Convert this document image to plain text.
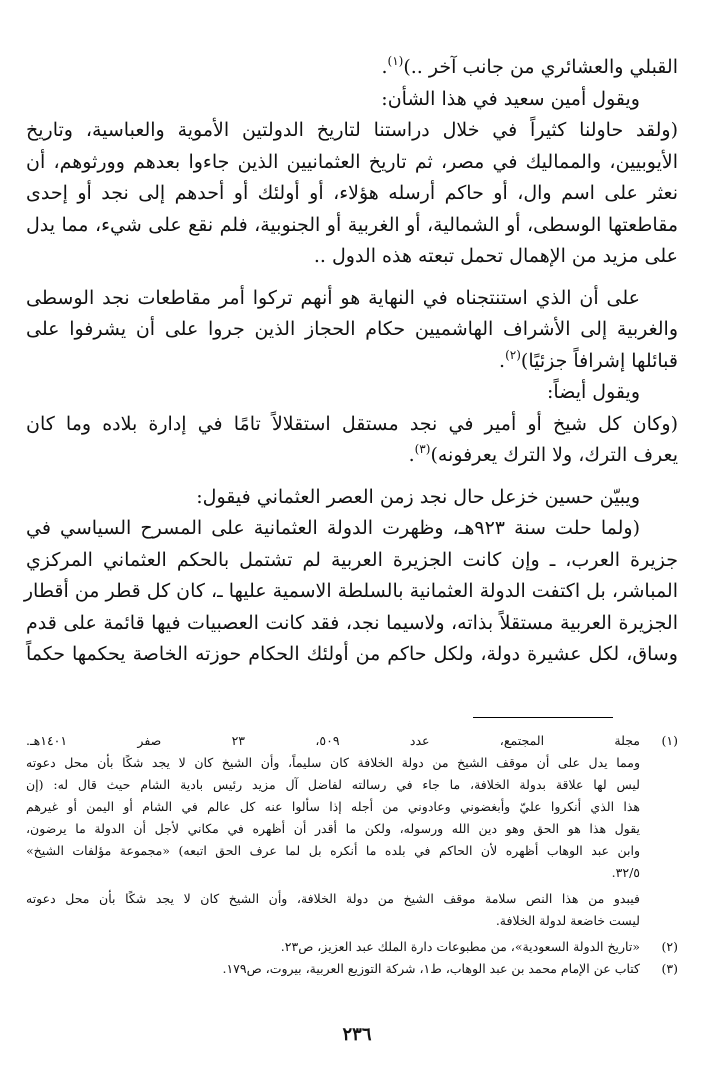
القبلي والعشائري من جانب آخر ..)$^{(١)}$.
ويقول أمين سعيد في هذا الشأن:
(ولقد حاولنا كثيراً في خلال دراستنا لتاريخ الدولتين الأموية والعباسية، وتاريخ
الأيوبيين، والمماليك في مصر، ثم تاريخ العثمانيين الذين جاءوا بعدهم وورثوهم، أن
نعثر على اسم وال، أو حاكم أرسله هؤلاء، أو أولئك أو أحدهم إلى نجد أو إحدى
مقاطعتها الوسطى، أو الشمالية، أو الغربية أو الجنوبية، فلم نقع على شيء، مما يدل
على مزيد من الإهمال تحمل تبعته هذه الدول ..
على أن الذي استنتجناه في النهاية هو أنهم تركوا أمر مقاطعات نجد الوسطى
والغربية إلى الأشراف الهاشميين حكام الحجاز الذين جروا على أن يشرفوا على
قبائلها إشرافاً جزئيًا)$^{(٢)}$.
ويقول أيضاً:
(وكان كل شيخ أو أمير في نجد مستقل استقلالاً تامًا في إدارة بلاده وما كان
يعرف الترك، ولا الترك يعرفونه)$^{(٣)}$.
ويبيّن حسين خزعل حال نجد زمن العصر العثماني فيقول:
(ولما حلت سنة ٩٢٣هـ، وظهرت الدولة العثمانية على المسرح السياسي في
جزيرة العرب، ـ وإن كانت الجزيرة العربية لم تشتمل بالحكم العثماني المركزي
المباشر، بل اكتفت الدولة العثمانية بالسلطة الاسمية عليها ـ، كان كل قطر من أقطار
الجزيرة العربية مستقلاً بذاته، ولاسيما نجد، فقد كانت العصبيات فيها قائمة على قدم
وساق، لكل عشيرة دولة، ولكل حاكم من أولئك الحكام حوزته الخاصة يحكمها حكماً
(١)
مجلة المجتمع، عدد ٥٠٩، ٢٣ صفر ١٤٠١هـ.
ومما يدل على أن موقف الشيخ من دولة الخلافة كان سليماً، وأن الشيخ كان لا يجد شكًا بأن محل دعوته
ليس لها علاقة بدولة الخلافة، ما جاء في رسالته لفاضل آل مزيد رئيس بادية الشام حيث قال له: (إن
هذا الذي أنكروا عليّ وأبغضوني وعادوني من أجله إذا سألوا عنه كل عالم في الشام أو اليمن أو غيرهم
يقول هذا هو الحق وهو دين الله ورسوله، ولكن ما أقدر أن أظهره في مكاني لأجل أن الدولة ما يرضون،
وابن عبد الوهاب أظهره لأن الحاكم في بلده ما أنكره بل لما عرف الحق اتبعه) «مجموعة مؤلفات الشيخ»
٣٢/٥.
فيبدو من هذا النص سلامة موقف الشيخ من دولة الخلافة، وأن الشيخ كان لا يجد شكًا بأن محل دعوته
ليست خاضعة لدولة الخلافة.
(٢)
«تاريخ الدولة السعودية»، من مطبوعات دارة الملك عبد العزيز، ص٢٣.
(٣)
كتاب عن الإمام محمد بن عبد الوهاب، ط١، شركة التوزيع العربية، بيروت، ص١٧٩.
٢٣٦
